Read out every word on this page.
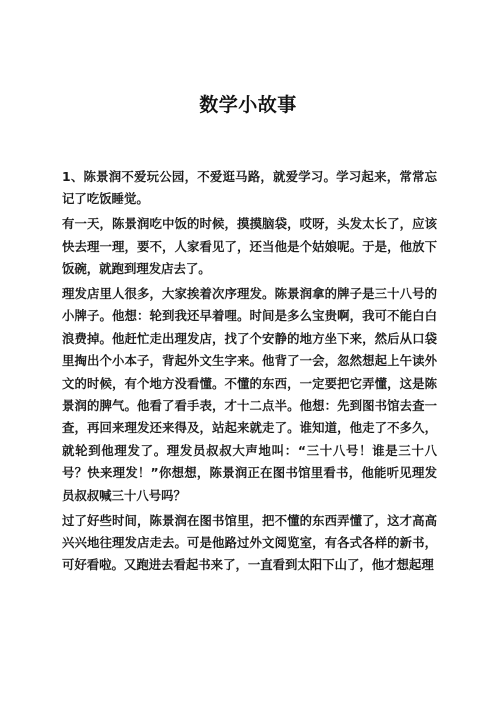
数学小故事

1、陈景润不爱玩公园，不爱逛马路，就爱学习。学习起来，常常忘记了吃饭睡觉。

有一天，陈景润吃中饭的时候，摸摸脑袋，哎呀，头发太长了，应该快去理一理，要不，人家看见了，还当他是个姑娘呢。于是，他放下饭碗，就跑到理发店去了。

理发店里人很多，大家挨着次序理发。陈景润拿的牌子是三十八号的小牌子。他想：轮到我还早着哩。时间是多么宝贵啊，我可不能白白浪费掉。他赶忙走出理发店，找了个安静的地方坐下来，然后从口袋里掏出个小本子，背起外文生字来。他背了一会，忽然想起上午读外文的时候，有个地方没看懂。不懂的东西，一定要把它弄懂，这是陈景润的脾气。他看了看手表，才十二点半。他想：先到图书馆去查一查，再回来理发还来得及，站起来就走了。谁知道，他走了不多久，就轮到他理发了。理发员叔叔大声地叫：“三十八号！谁是三十八号？快来理发！”你想想，陈景润正在图书馆里看书，他能听见理发员叔叔喊三十八号吗？

过了好些时间，陈景润在图书馆里，把不懂的东西弄懂了，这才高高兴兴地往理发店走去。可是他路过外文阅览室，有各式各样的新书，可好看啦。又跑进去看起书来了，一直看到太阳下山了，他才想起理
